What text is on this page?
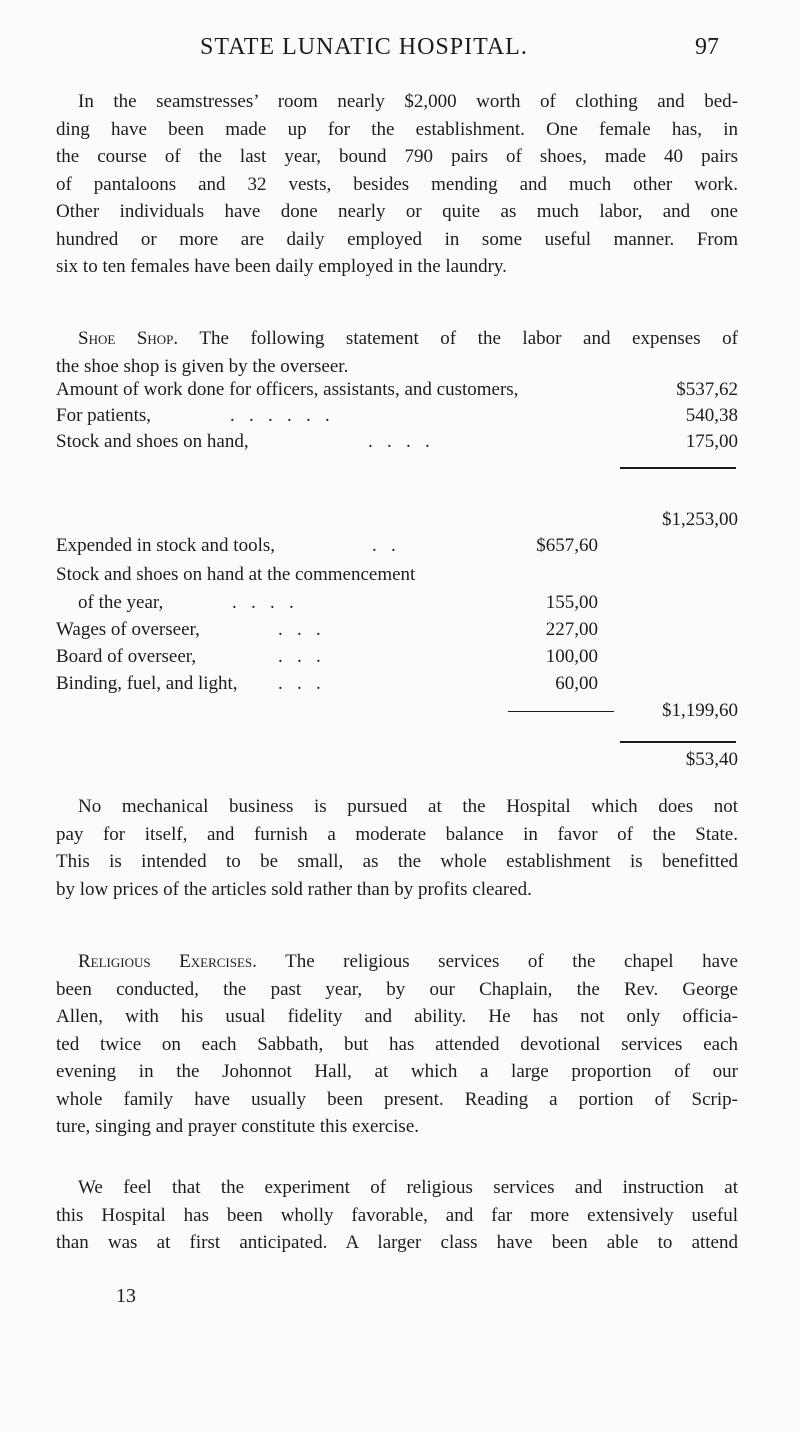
STATE LUNATIC HOSPITAL.	97
In the seamstresses’ room nearly $2,000 worth of clothing and bed-
ding have been made up for the establishment. One female has, in
the course of the last year, bound 790 pairs of shoes, made 40 pairs
of pantaloons and 32 vests, besides mending and much other work.
Other individuals have done nearly or quite as much labor, and one
hundred or more are daily employed in some useful manner. From
six to ten females have been daily employed in the laundry.
Shoe Shop. The following statement of the labor and expenses of
the shoe shop is given by the overseer.
Amount of work done for officers, assistants, and customers,	$537,62
For patients,	.   .   .   .   .   .	540,38
Stock and shoes on hand,	.   .   .   .	175,00
$1,253,00
Expended in stock and tools,	.   .	$657,60
Stock and shoes on hand at the commencement
of the year,	.   .   .   .	155,00
Wages of overseer,	.   .   .	227,00
Board of overseer,	.   .   .	100,00
Binding, fuel, and light, .   .   .	60,00
$1,199,60
$53,40
No mechanical business is pursued at the Hospital which does not
pay for itself, and furnish a moderate balance in favor of the State.
This is intended to be small, as the whole establishment is benefitted
by low prices of the articles sold rather than by profits cleared.
Religious Exercises. The religious services of the chapel have
been conducted, the past year, by our Chaplain, the Rev. George
Allen, with his usual fidelity and ability. He has not only officia-
ted twice on each Sabbath, but has attended devotional services each
evening in the Johonnot Hall, at which a large proportion of our
whole family have usually been present. Reading a portion of Scrip-
ture, singing and prayer constitute this exercise.
We feel that the experiment of religious services and instruction at
this Hospital has been wholly favorable, and far more extensively useful
than was at first anticipated. A larger class have been able to attend
13
